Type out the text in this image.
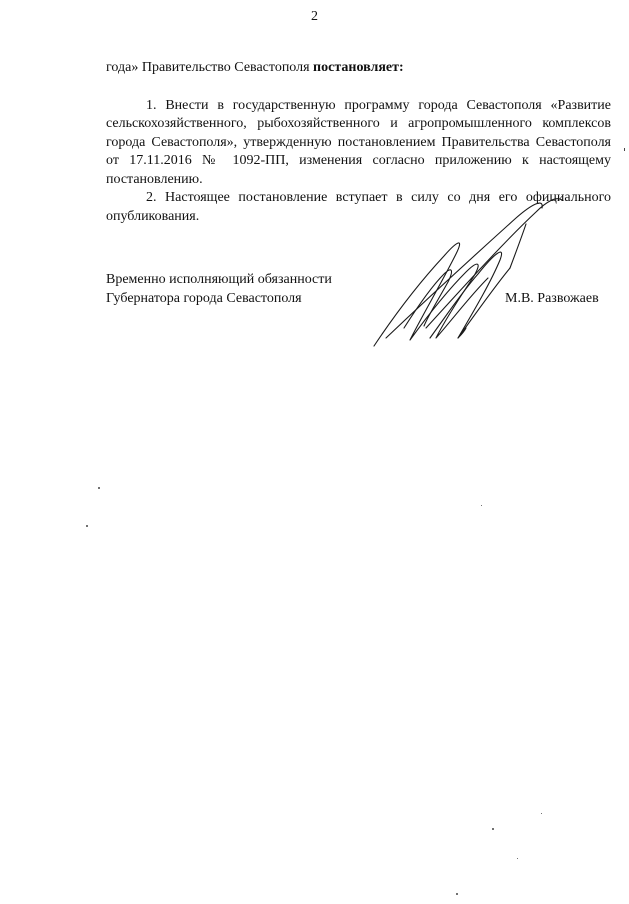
2

года» Правительство Севастополя постановляет:

1. Внести в государственную программу города Севастополя «Развитие сельскохозяйственного, рыбохозяйственного и агропромышленного комплексов города Севастополя», утвержденную постановлением Правительства Севастополя от 17.11.2016 № 1092-ПП, изменения согласно приложению к настоящему постановлению.

2. Настоящее постановление вступает в силу со дня его официального опубликования.

Временно исполняющий обязанности
Губернатора города Севастополя	М.В. Развожаев
